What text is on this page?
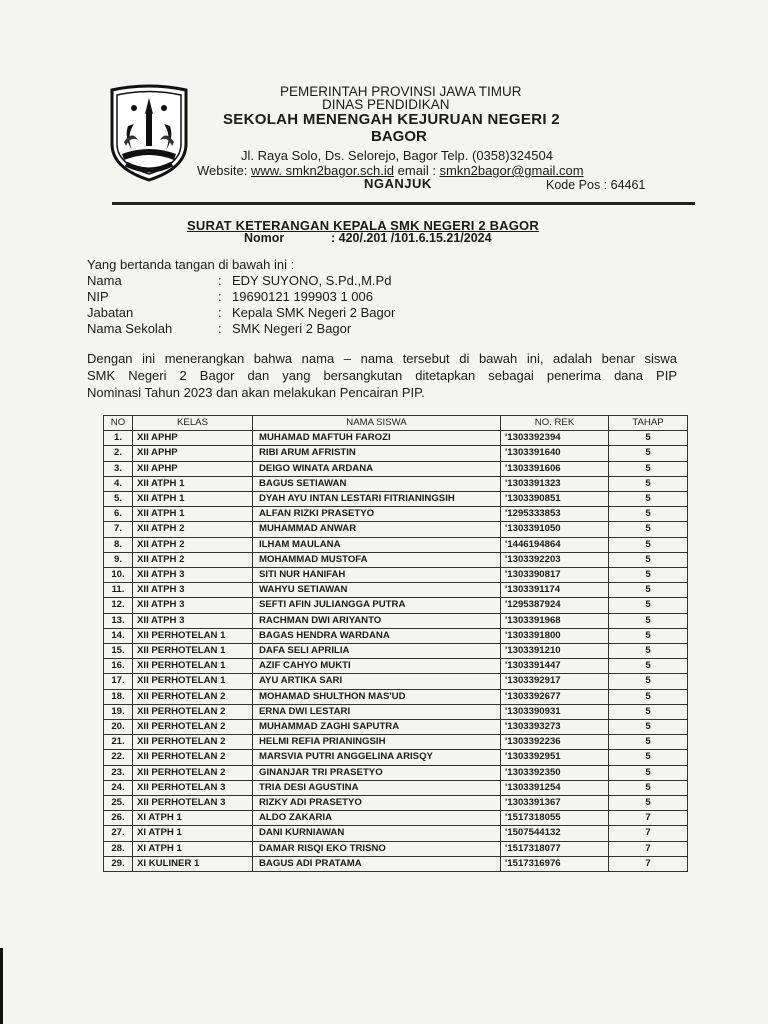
PEMERINTAH PROVINSI JAWA TIMUR
DINAS PENDIDIKAN
SEKOLAH MENENGAH KEJURUAN NEGERI 2
BAGOR
Jl. Raya Solo, Ds. Selorejo, Bagor Telp. (0358)324504
Website: www. smkn2bagor.sch.id email : smkn2bagor@gmail.com
NGANJUK	Kode Pos : 64461
SURAT KETERANGAN KEPALA SMK NEGERI 2 BAGOR
Nomor	: 420/.201 /101.6.15.21/2024
Yang bertanda tangan di bawah ini :
Nama	: EDY SUYONO, S.Pd.,M.Pd
NIP	: 19690121 199903 1 006
Jabatan	: Kepala SMK Negeri 2 Bagor
Nama Sekolah	: SMK Negeri 2 Bagor
Dengan ini menerangkan bahwa nama – nama tersebut di bawah ini, adalah benar siswa
SMK Negeri 2 Bagor dan yang bersangkutan ditetapkan sebagai penerima dana PIP
Nominasi Tahun 2023 dan akan melakukan Pencairan PIP.
NO	KELAS	NAMA SISWA	NO. REK	TAHAP
1.	XII APHP	MUHAMAD MAFTUH FAROZI	'1303392394	5
2.	XII APHP	RIBI ARUM AFRISTIN	'1303391640	5
3.	XII APHP	DEIGO WINATA ARDANA	'1303391606	5
4.	XII ATPH 1	BAGUS SETIAWAN	'1303391323	5
5.	XII ATPH 1	DYAH AYU INTAN LESTARI FITRIANINGSIH	'1303390851	5
6.	XII ATPH 1	ALFAN RIZKI PRASETYO	'1295333853	5
7.	XII ATPH 2	MUHAMMAD ANWAR	'1303391050	5
8.	XII ATPH 2	ILHAM MAULANA	'1446194864	5
9.	XII ATPH 2	MOHAMMAD MUSTOFA	'1303392203	5
10.	XII ATPH 3	SITI NUR HANIFAH	'1303390817	5
11.	XII ATPH 3	WAHYU SETIAWAN	'1303391174	5
12.	XII ATPH 3	SEFTI AFIN JULIANGGA PUTRA	'1295387924	5
13.	XII ATPH 3	RACHMAN DWI ARIYANTO	'1303391968	5
14.	XII PERHOTELAN 1	BAGAS HENDRA WARDANA	'1303391800	5
15.	XII PERHOTELAN 1	DAFA SELI APRILIA	'1303391210	5
16.	XII PERHOTELAN 1	AZIF CAHYO MUKTI	'1303391447	5
17.	XII PERHOTELAN 1	AYU ARTIKA SARI	'1303392917	5
18.	XII PERHOTELAN 2	MOHAMAD SHULTHON MAS'UD	'1303392677	5
19.	XII PERHOTELAN 2	ERNA DWI LESTARI	'1303390931	5
20.	XII PERHOTELAN 2	MUHAMMAD ZAGHI SAPUTRA	'1303393273	5
21.	XII PERHOTELAN 2	HELMI REFIA PRIANINGSIH	'1303392236	5
22.	XII PERHOTELAN 2	MARSVIA PUTRI ANGGELINA ARISQY	'1303392951	5
23.	XII PERHOTELAN 2	GINANJAR TRI PRASETYO	'1303392350	5
24.	XII PERHOTELAN 3	TRIA DESI AGUSTINA	'1303391254	5
25.	XII PERHOTELAN 3	RIZKY ADI PRASETYO	'1303391367	5
26.	XI ATPH 1	ALDO ZAKARIA	'1517318055	7
27.	XI ATPH 1	DANI KURNIAWAN	'1507544132	7
28.	XI ATPH 1	DAMAR RISQI EKO TRISNO	'1517318077	7
29.	XI KULINER 1	BAGUS ADI PRATAMA	'1517316976	7
